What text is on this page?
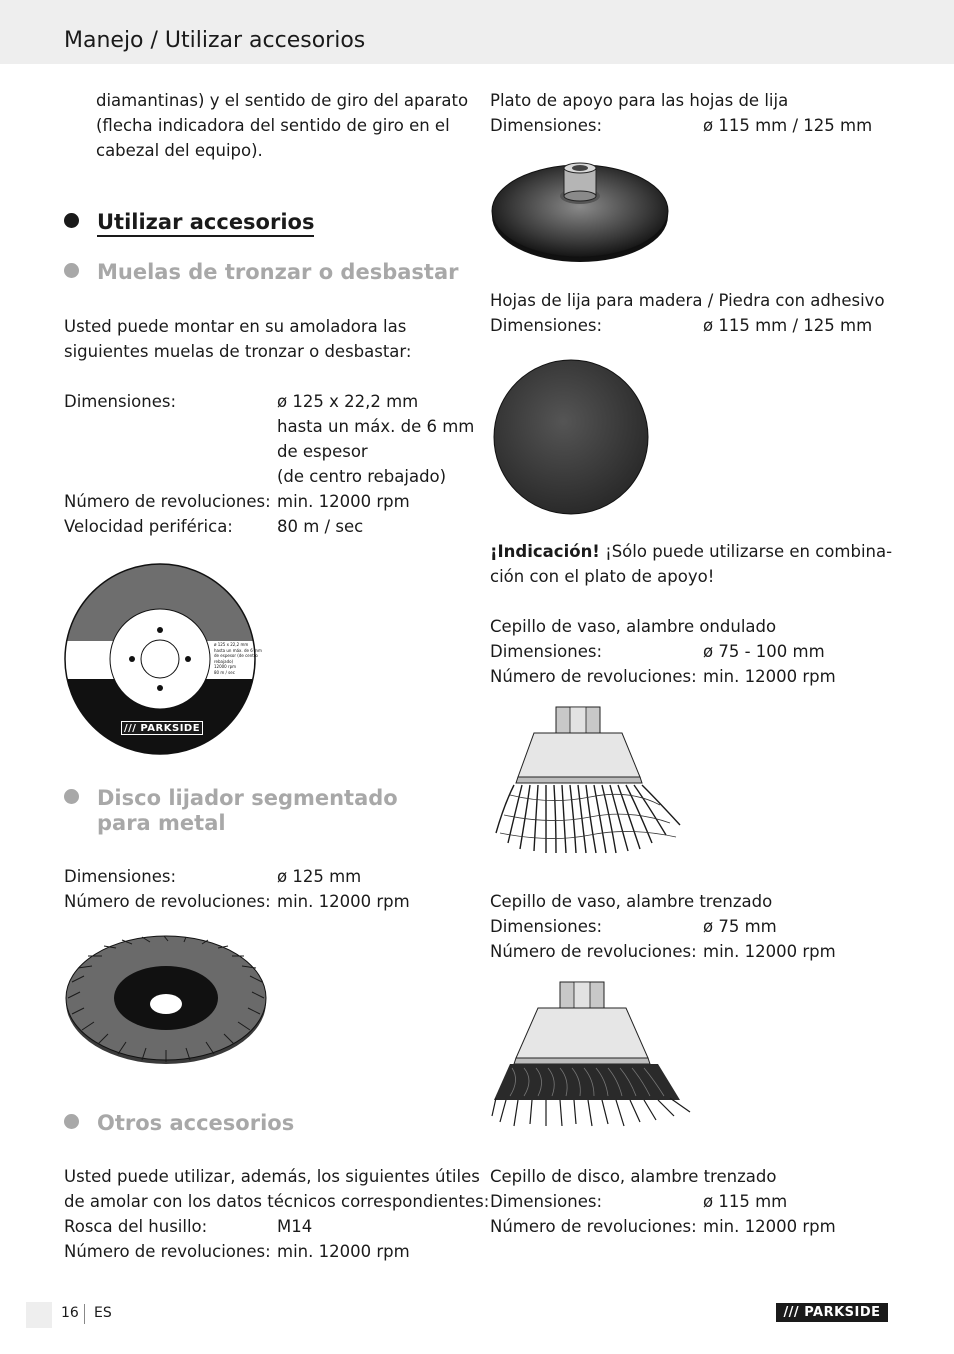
Manejo / Utilizar accesorios
diamantinas) y el sentido de giro del aparato
(flecha indicadora del sentido de giro en el
cabezal del equipo).
Utilizar accesorios
Muelas de tronzar o desbastar
Usted puede montar en su amoladora las
siguientes muelas de tronzar o desbastar:
Dimensiones:	ø 125 x 22,2 mm
hasta un máx. de 6 mm
de espesor
(de centro rebajado)
Número de revoluciones: min. 12000 rpm
Velocidad periférica:	80 m / sec
ø 125 x 22,2 mm
hasta un máx. de 6 mm
de espesor (de centro
rebajado)
12000 rpm
80 m / sec
/// PARKSIDE
Disco lijador segmentado
para metal
Dimensiones:	ø 125 mm
Número de revoluciones: min. 12000 rpm
Otros accesorios
Usted puede utilizar, además, los siguientes útiles
de amolar con los datos técnicos correspondientes:
Rosca del husillo:	M14
Número de revoluciones: min. 12000 rpm
Plato de apoyo para las hojas de lija
Dimensiones:	ø 115 mm / 125 mm
Hojas de lija para madera / Piedra con adhesivo
Dimensiones:	ø 115 mm / 125 mm
¡Indicación! ¡Sólo puede utilizarse en combina-
ción con el plato de apoyo!
Cepillo de vaso, alambre ondulado
Dimensiones:	ø 75 - 100 mm
Número de revoluciones: min. 12000 rpm
Cepillo de vaso, alambre trenzado
Dimensiones:	ø 75 mm
Número de revoluciones: min. 12000 rpm
Cepillo de disco, alambre trenzado
Dimensiones:	ø 115 mm
Número de revoluciones: min. 12000 rpm
16 ES	/// PARKSIDE
